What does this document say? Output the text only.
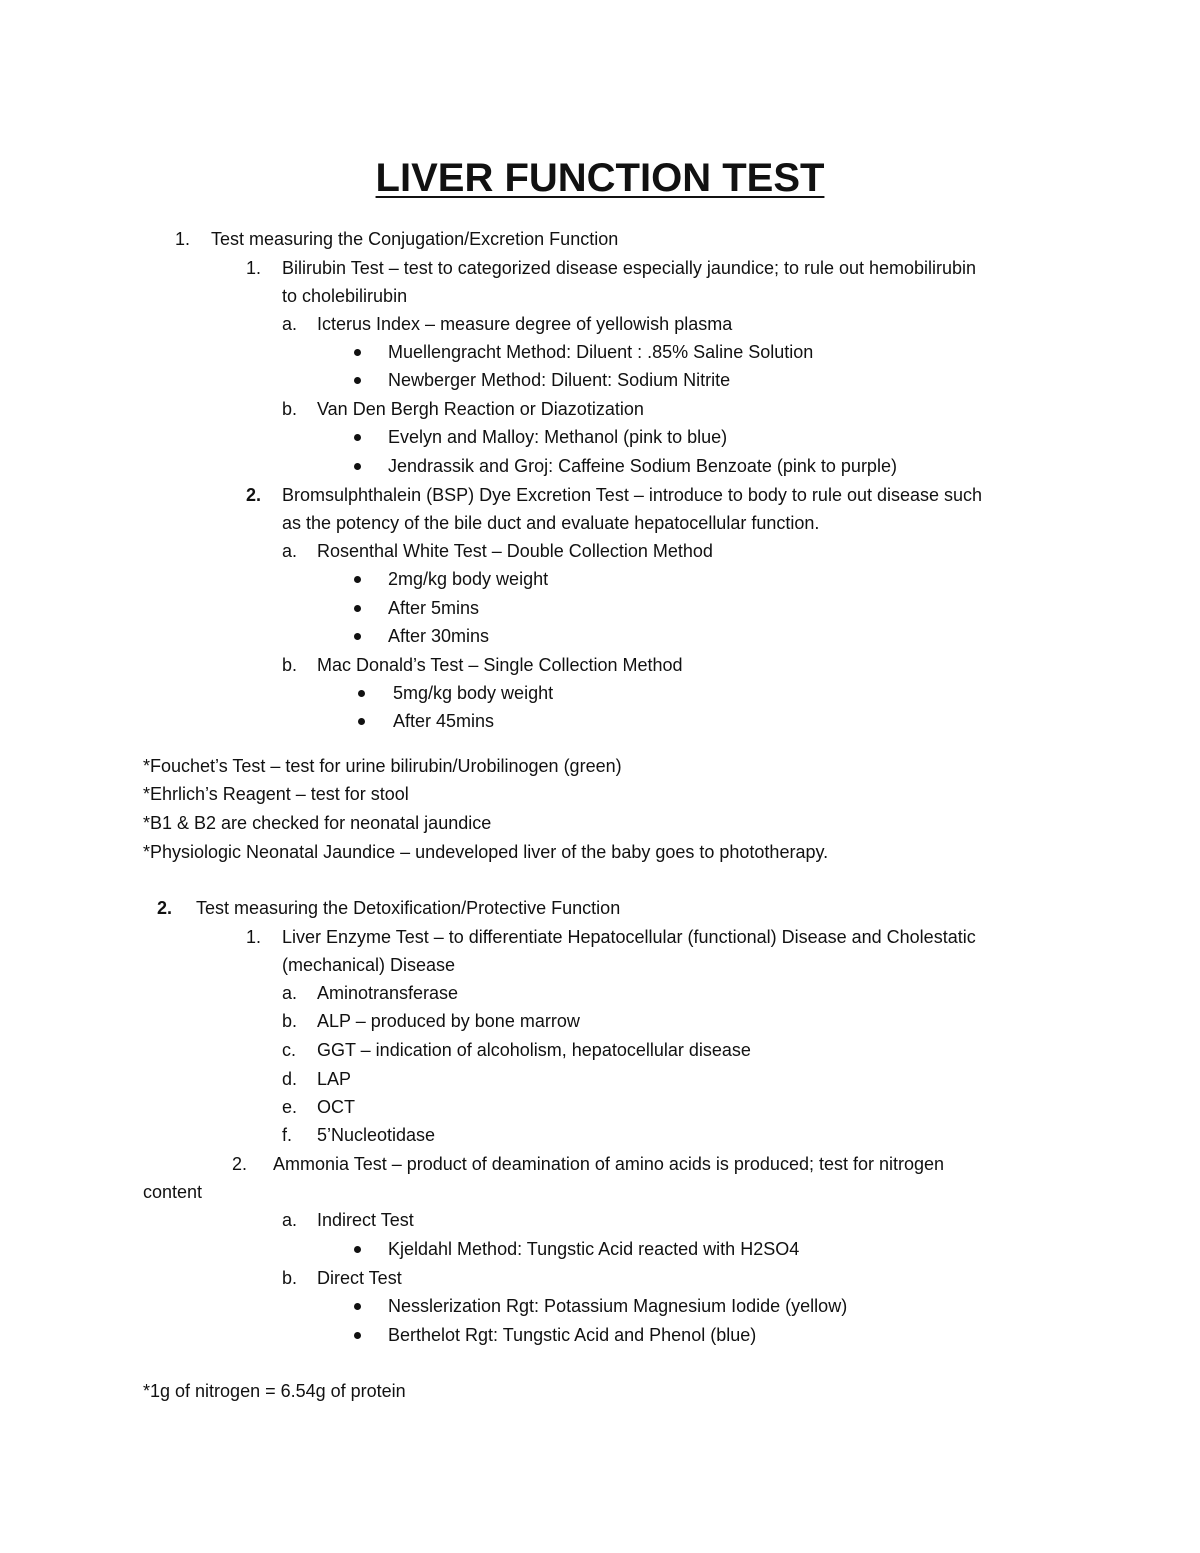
LIVER FUNCTION TEST
1. Test measuring the Conjugation/Excretion Function
1. Bilirubin Test – test to categorized disease especially jaundice; to rule out hemobilirubin
to cholebilirubin
a. Icterus Index – measure degree of yellowish plasma
Muellengracht Method: Diluent : .85% Saline Solution
Newberger Method: Diluent: Sodium Nitrite
b. Van Den Bergh Reaction or Diazotization
Evelyn and Malloy: Methanol (pink to blue)
Jendrassik and Groj: Caffeine Sodium Benzoate (pink to purple)
2. Bromsulphthalein (BSP) Dye Excretion Test – introduce to body to rule out disease such
as the potency of the bile duct and evaluate hepatocellular function.
a. Rosenthal White Test – Double Collection Method
2mg/kg body weight
After 5mins
After 30mins
b. Mac Donald’s Test – Single Collection Method
5mg/kg body weight
After 45mins
*Fouchet’s Test – test for urine bilirubin/Urobilinogen (green)
*Ehrlich’s Reagent – test for stool
*B1 & B2 are checked for neonatal jaundice
*Physiologic Neonatal Jaundice – undeveloped liver of the baby goes to phototherapy.
2. Test measuring the Detoxification/Protective Function
1. Liver Enzyme Test – to differentiate Hepatocellular (functional) Disease and Cholestatic
(mechanical) Disease
a. Aminotransferase
b. ALP – produced by bone marrow
c. GGT – indication of alcoholism, hepatocellular disease
d. LAP
e. OCT
f. 5’Nucleotidase
2. Ammonia Test – product of deamination of amino acids is produced; test for nitrogen
content
a. Indirect Test
Kjeldahl Method: Tungstic Acid reacted with H2SO4
b. Direct Test
Nesslerization Rgt: Potassium Magnesium Iodide (yellow)
Berthelot Rgt: Tungstic Acid and Phenol (blue)
*1g of nitrogen = 6.54g of protein
